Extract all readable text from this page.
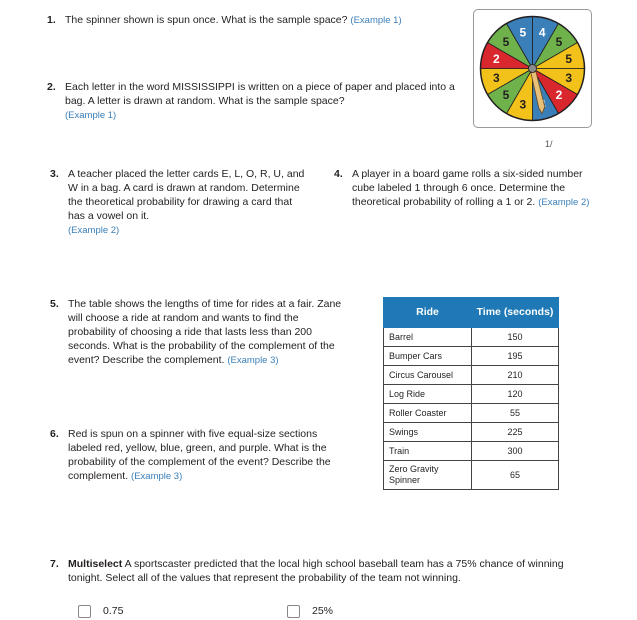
1. The spinner shown is spun once. What is the sample space? (Example 1)
4
5
5
3
2
3
5
3
2
5
5
1/
2. Each letter in the word MISSISSIPPI is written on a piece of paper and placed into a bag. A letter is drawn at random. What is the sample space?
(Example 1)
3. A teacher placed the letter cards E, L, O, R, U, and W in a bag. A card is drawn at random. Determine the theoretical probability for drawing a card that has a vowel on it.
(Example 2)
4. A player in a board game rolls a six-sided number cube labeled 1 through 6 once. Determine the theoretical probability of rolling a 1 or 2. (Example 2)
5. The table shows the lengths of time for rides at a fair. Zane will choose a ride at random and wants to find the probability of choosing a ride that lasts less than 200 seconds. What is the probability of the complement of the event? Describe the complement. (Example 3)
6. Red is spun on a spinner with five equal-size sections labeled red, yellow, blue, green, and purple. What is the probability of the complement of the event? Describe the complement. (Example 3)
Ride	Time (seconds)
Barrel	150
Bumper Cars	195
Circus Carousel	210
Log Ride	120
Roller Coaster	55
Swings	225
Train	300
Zero Gravity Spinner	65
7. Multiselect A sportscaster predicted that the local high school baseball team has a 75% chance of winning tonight. Select all of the values that represent the probability of the team not winning.
0.75	25%
